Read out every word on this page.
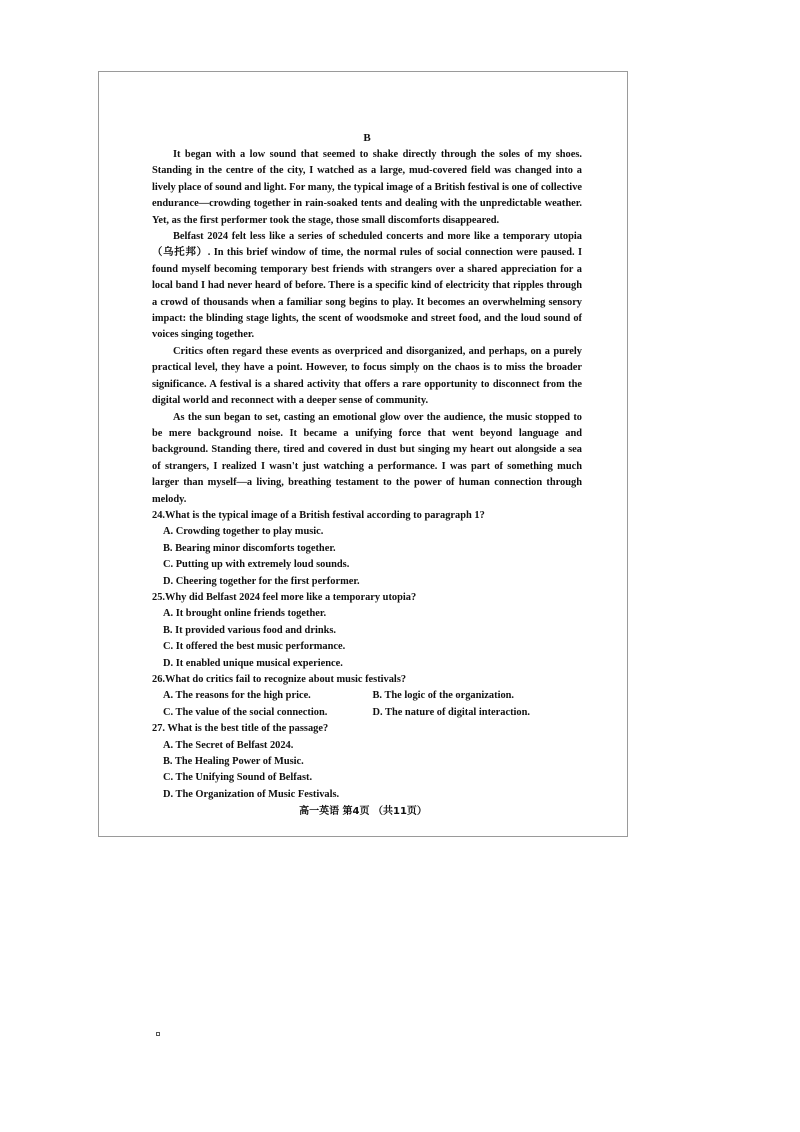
B

It began with a low sound that seemed to shake directly through the soles of my shoes. Standing in the centre of the city, I watched as a large, mud-covered field was changed into a lively place of sound and light. For many, the typical image of a British festival is one of collective endurance—crowding together in rain-soaked tents and dealing with the unpredictable weather. Yet, as the first performer took the stage, those small discomforts disappeared.

Belfast 2024 felt less like a series of scheduled concerts and more like a temporary utopia（乌托邦）. In this brief window of time, the normal rules of social connection were paused. I found myself becoming temporary best friends with strangers over a shared appreciation for a local band I had never heard of before. There is a specific kind of electricity that ripples through a crowd of thousands when a familiar song begins to play. It becomes an overwhelming sensory impact: the blinding stage lights, the scent of woodsmoke and street food, and the loud sound of voices singing together.

Critics often regard these events as overpriced and disorganized, and perhaps, on a purely practical level, they have a point. However, to focus simply on the chaos is to miss the broader significance. A festival is a shared activity that offers a rare opportunity to disconnect from the digital world and reconnect with a deeper sense of community.

As the sun began to set, casting an emotional glow over the audience, the music stopped to be mere background noise. It became a unifying force that went beyond language and background. Standing there, tired and covered in dust but singing my heart out alongside a sea of strangers, I realized I wasn't just watching a performance. I was part of something much larger than myself—a living, breathing testament to the power of human connection through melody.

24.What is the typical image of a British festival according to paragraph 1?

A. Crowding together to play music.

B. Bearing minor discomforts together.

C. Putting up with extremely loud sounds.

D. Cheering together for the first performer.

25.Why did Belfast 2024 feel more like a temporary utopia?

A. It brought online friends together.

B. It provided various food and drinks.

C. It offered the best music performance.

D. It enabled unique musical experience.

26.What do critics fail to recognize about music festivals?

A. The reasons for the high price.	B. The logic of the organization.
C. The value of the social connection.	D. The nature of digital interaction.

27. What is the best title of the passage?

A. The Secret of Belfast 2024.

B. The Healing Power of Music.

C. The Unifying Sound of Belfast.

D. The Organization of Music Festivals.

高一英语 第4页 （共11页）
